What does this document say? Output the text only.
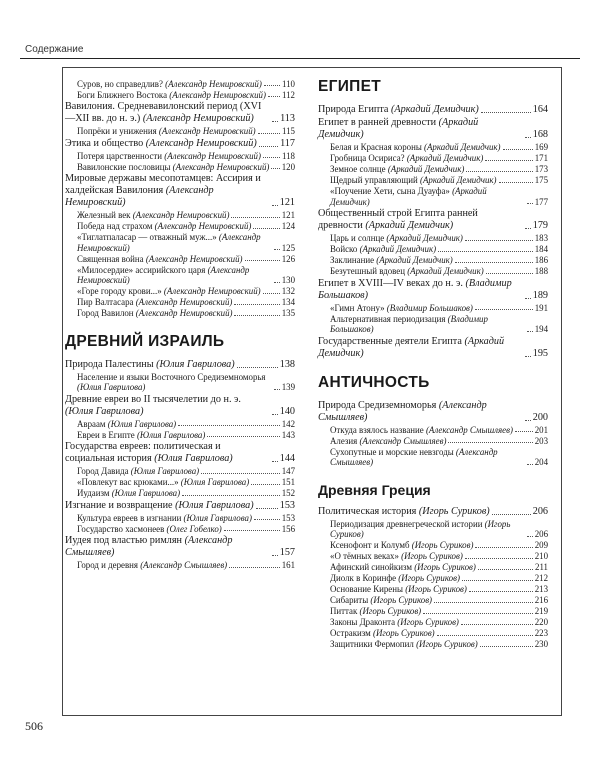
Содержание
Суров, но справедлив? (Александр Немировский) 110
Боги Ближнего Востока (Александр Немировский) 112
Вавилония. Средневавилонский период (XVI—XII вв. до н. э.) (Александр Немировский)	113
Попрёки и унижения (Александр Немировский)	115
Этика и общество (Александр Немировский) 117
Потеря царственности (Александр Немировский) 118
Вавилонские пословицы (Александр Немировский) 120
Мировые державы месопотамцев: Ассирия и халдейская Вавилония (Александр Немировский)	121
Железный век (Александр Немировский)	121
Победа над страхом (Александр Немировский)	124
«Тиглатпаласар — отважный муж...» (Александр Немировский)	125
Священная война (Александр Немировский)	126
«Милосердие» ассирийского царя (Александр Немировский)	130
«Горе городу крови...» (Александр Немировский) 132
Пир Валтасара (Александр Немировский)	134
Город Вавилон (Александр Немировский)	135
ДРЕВНИЙ ИЗРАИЛЬ
Природа Палестины (Юлия Гаврилова)	138
Население и языки Восточного Средиземноморья (Юлия Гаврилова)	139
Древние евреи во II тысячелетии до н. э. (Юлия Гаврилова)	140
Авраам (Юлия Гаврилова)	142
Евреи в Египте (Юлия Гаврилова)	143
Государства евреев: политическая и социальная история (Юлия Гаврилова)	144
Город Давида (Юлия Гаврилова)	147
«Повлекут вас крюками...» (Юлия Гаврилова)	151
Иудаизм (Юлия Гаврилова)	152
Изгнание и возвращение (Юлия Гаврилова)	153
Культура евреев в изгнании (Юлия Гаврилова)	153
Государство хасмонеев (Олег Гобелко)	156
Иудея под властью римлян (Александр Смышляев)	157
Город и деревня (Александр Смышляев)	161
ЕГИПЕТ
Природа Египта (Аркадий Демидчик)	164
Египет в ранней древности (Аркадий Демидчик)	168
Белая и Красная короны (Аркадий Демидчик)	169
Гробница Осириса? (Аркадий Демидчик)	171
Земное солнце (Аркадий Демидчик)	173
Щедрый управляющий (Аркадий Демидчик)	175
«Поучение Хети, сына Дуауфа» (Аркадий Демидчик)	177
Общественный строй Египта ранней древности (Аркадий Демидчик)	179
Царь и солнце (Аркадий Демидчик)	183
Войско (Аркадий Демидчик)	184
Заклинание (Аркадий Демидчик)	186
Безутешный вдовец (Аркадий Демидчик)	188
Египет в XVIII—IV веках до н. э. (Владимир Большаков)	189
«Гимн Атону» (Владимир Большаков)	191
Альтернативная периодизация (Владимир Большаков)	194
Государственные деятели Египта (Аркадий Демидчик)	195
АНТИЧНОСТЬ
Природа Средиземноморья (Александр Смышляев)	200
Откуда взялось название (Александр Смышляев) 201
Алезия (Александр Смышляев)	203
Сухопутные и морские невзгоды (Александр Смышляев)	204
Древняя Греция
Политическая история (Игорь Суриков)	206
Периодизация древнегреческой истории (Игорь Суриков)	206
Ксенофонт и Колумб (Игорь Суриков)	209
«О тёмных веках» (Игорь Суриков)	210
Афинский синойкизм (Игорь Суриков)	211
Диолк в Коринфе (Игорь Суриков)	212
Основание Кирены (Игорь Суриков)	213
Сибариты (Игорь Суриков)	216
Питтак (Игорь Суриков)	219
Законы Драконта (Игорь Суриков)	220
Остракизм (Игорь Суриков)	223
Защитники Фермопил (Игорь Суриков)	230
506
